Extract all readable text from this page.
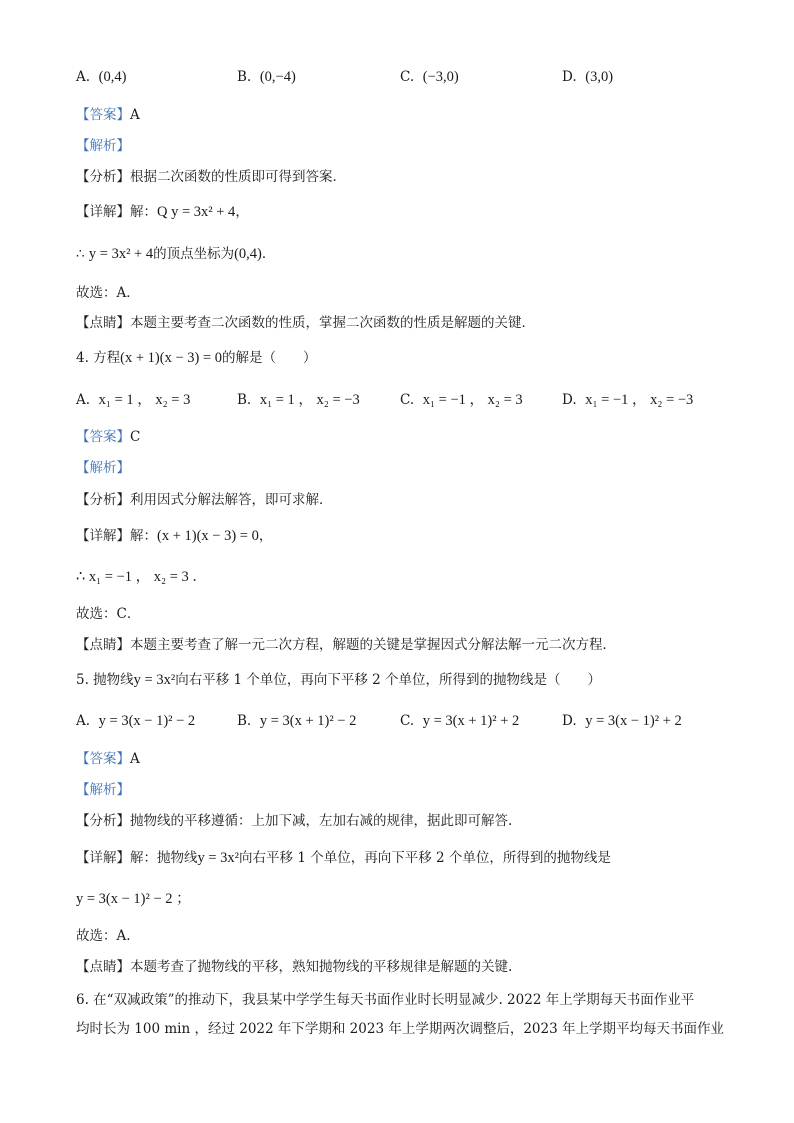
A. (0,4)	B. (0,−4)	C. (−3,0)	D. (3,0)
【答案】A
【解析】
【分析】根据二次函数的性质即可得到答案．
【详解】解：Q y = 3x² + 4，
∴ y = 3x² + 4的顶点坐标为(0,4)．
故选：A．
【点睛】本题主要考查二次函数的性质，掌握二次函数的性质是解题的关键．
4. 方程(x + 1)(x − 3) = 0的解是（　　）
A. x₁ = 1 ， x₂ = 3	B. x₁ = 1 ， x₂ = −3	C. x₁ = −1 ， x₂ = 3	D. x₁ = −1 ， x₂ = −3
【答案】C
【解析】
【分析】利用因式分解法解答，即可求解．
【详解】解：(x + 1)(x − 3) = 0，
∴ x₁ = −1 ， x₂ = 3 ．
故选：C．
【点睛】本题主要考查了解一元二次方程，解题的关键是掌握因式分解法解一元二次方程．
5. 抛物线y = 3x²向右平移 1 个单位，再向下平移 2 个单位，所得到的抛物线是（　　）
A. y = 3(x − 1)² − 2	B. y = 3(x + 1)² − 2	C. y = 3(x + 1)² + 2	D. y = 3(x − 1)² + 2
【答案】A
【解析】
【分析】抛物线的平移遵循：上加下减，左加右减的规律，据此即可解答.
【详解】解：抛物线y = 3x²向右平移 1 个单位，再向下平移 2 个单位，所得到的抛物线是
y = 3(x − 1)² − 2 ；
故选：A.
【点睛】本题考查了抛物线的平移，熟知抛物线的平移规律是解题的关键.
6. 在“双减政策”的推动下，我县某中学学生每天书面作业时长明显减少. 2022 年上学期每天书面作业平
均时长为 100 min ，经过 2022 年下学期和 2023 年上学期两次调整后，2023 年上学期平均每天书面作业
